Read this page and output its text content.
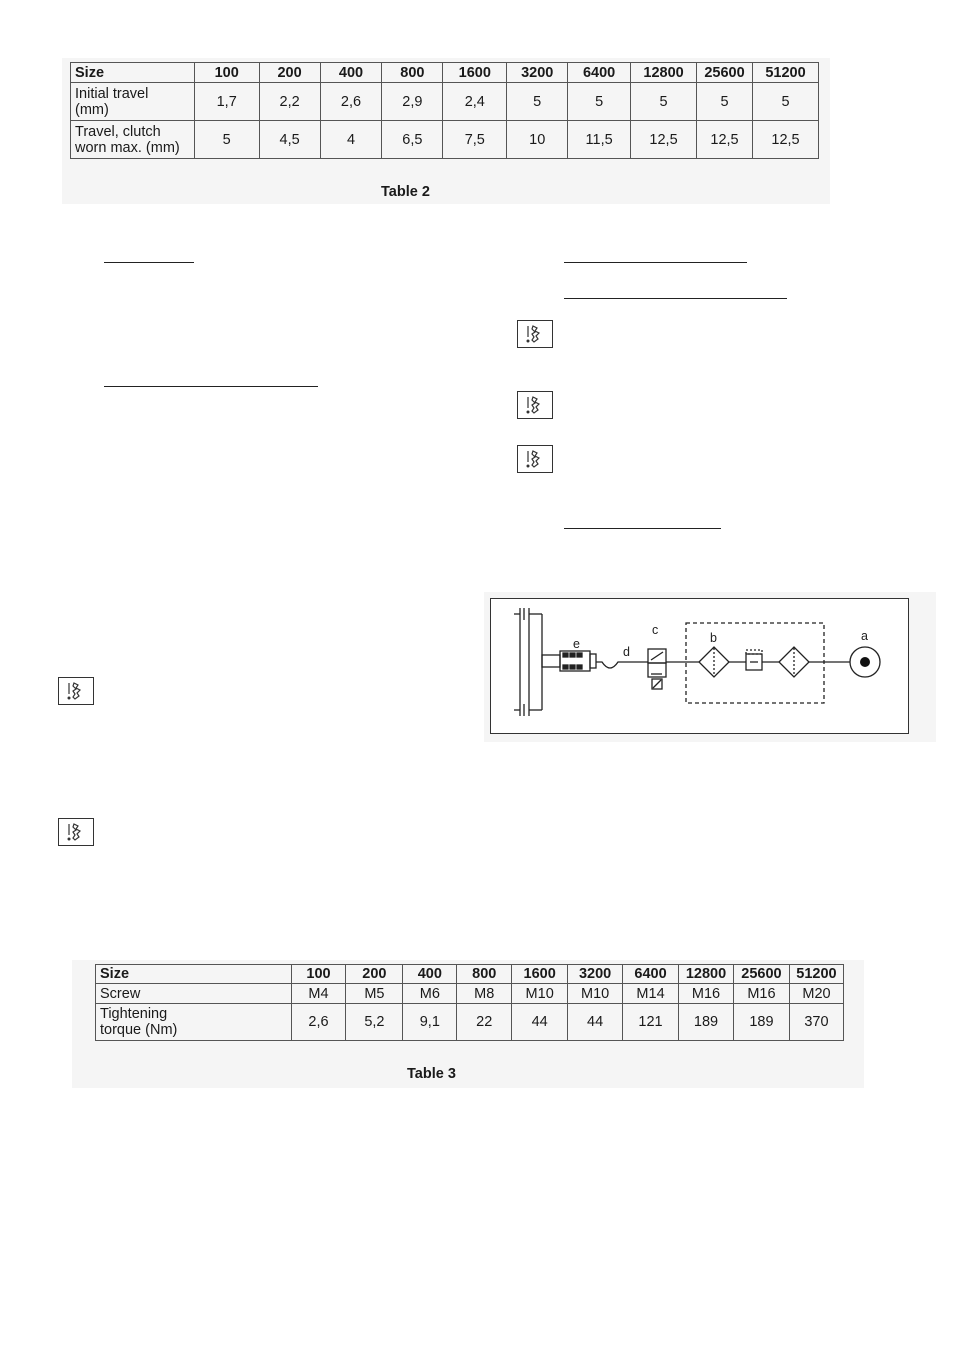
Size	100	200	400	800	1600	3200	6400	12800	25600	51200
Initial travel
(mm)	1,7	2,2	2,6	2,9	2,4	5	5	5	5	5
Travel, clutch
worn max. (mm)	5	4,5	4	6,5	7,5	10	11,5	12,5	12,5	12,5
Table 2
e
d
c
b	a
Size	100	200	400	800	1600	3200	6400	12800	25600	51200
Screw	M4	M5	M6	M8	M10	M10	M14	M16	M16	M20
Tightening
torque (Nm)	2,6	5,2	9,1	22	44	44	121	189	189	370
Table 3
